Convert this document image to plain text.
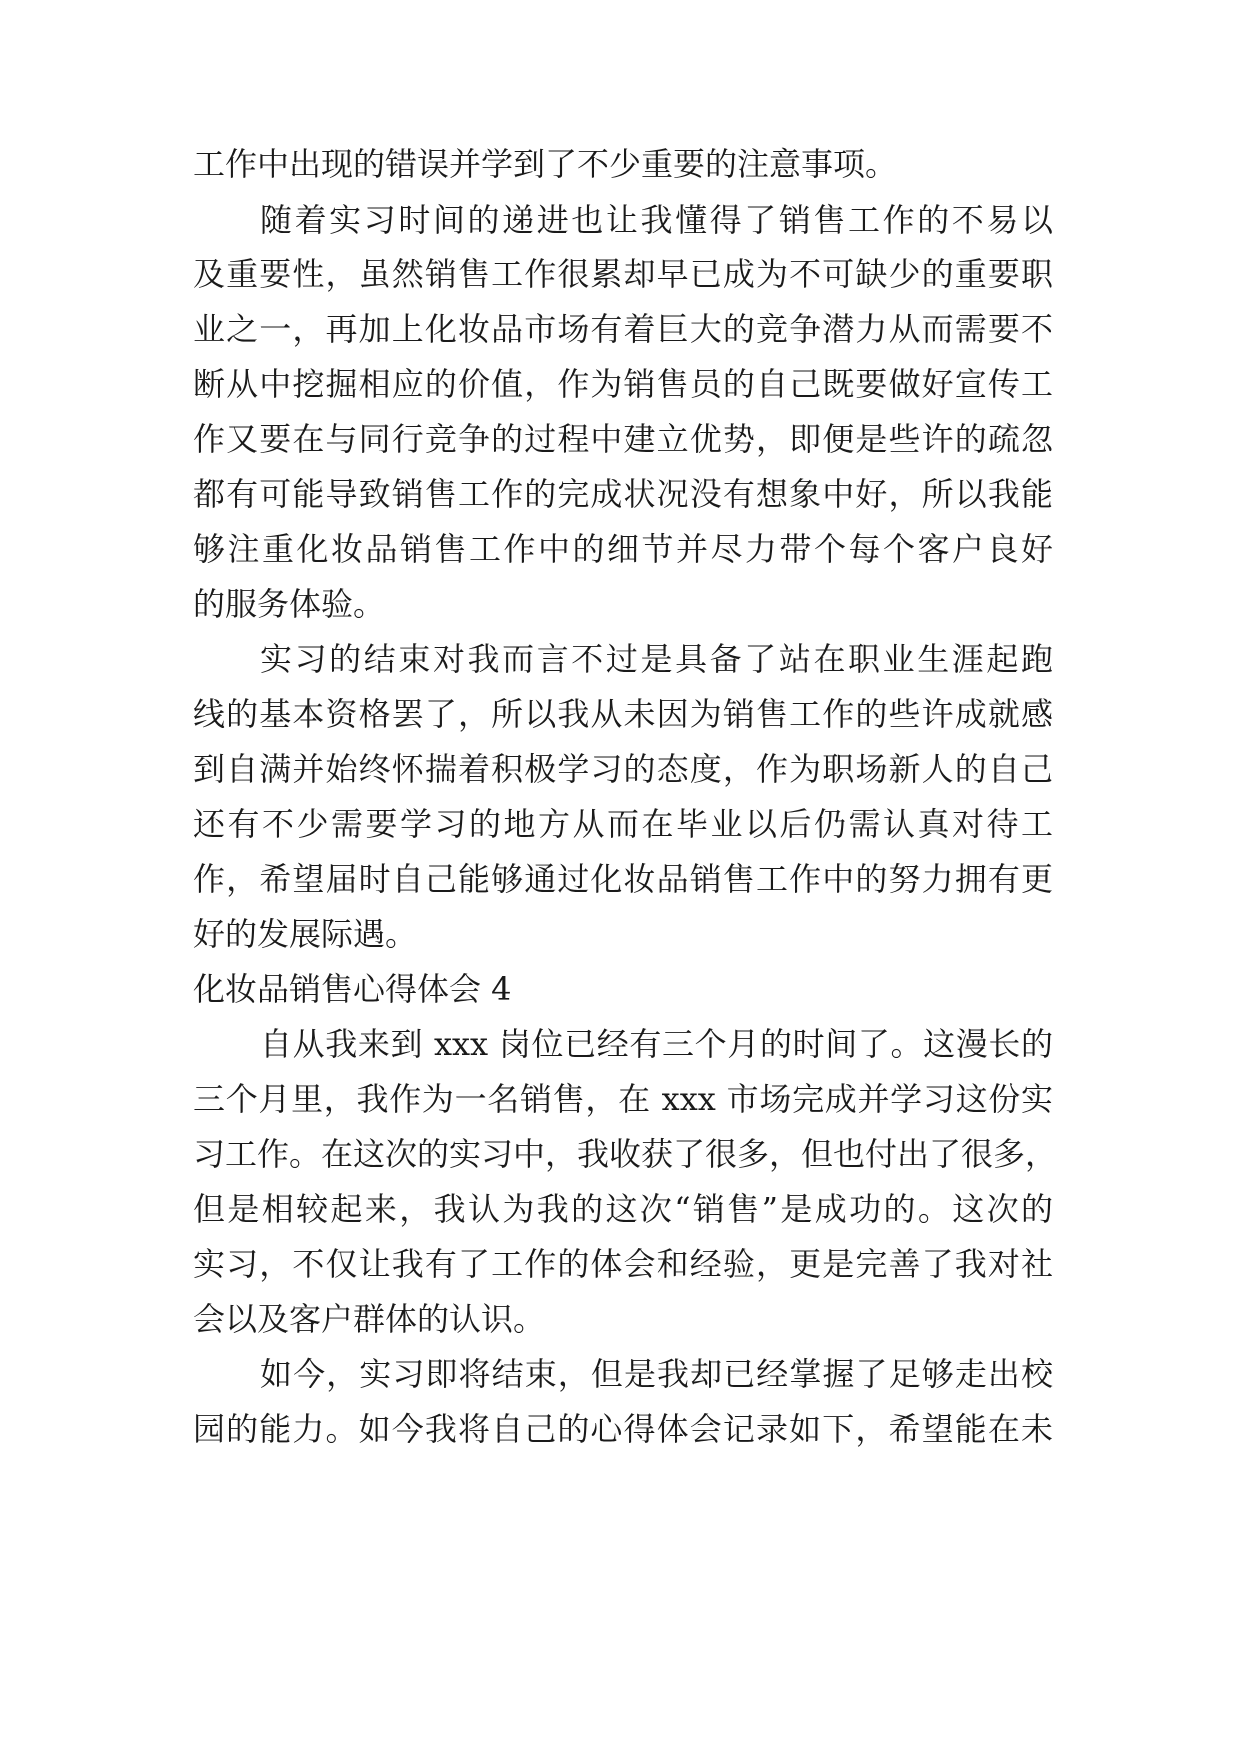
工作中出现的错误并学到了不少重要的注意事项。
随着实习时间的递进也让我懂得了销售工作的不易以
及重要性，虽然销售工作很累却早已成为不可缺少的重要职
业之一，再加上化妆品市场有着巨大的竞争潜力从而需要不
断从中挖掘相应的价值，作为销售员的自己既要做好宣传工
作又要在与同行竞争的过程中建立优势，即便是些许的疏忽
都有可能导致销售工作的完成状况没有想象中好，所以我能
够注重化妆品销售工作中的细节并尽力带个每个客户良好
的服务体验。
实习的结束对我而言不过是具备了站在职业生涯起跑
线的基本资格罢了，所以我从未因为销售工作的些许成就感
到自满并始终怀揣着积极学习的态度，作为职场新人的自己
还有不少需要学习的地方从而在毕业以后仍需认真对待工
作，希望届时自己能够通过化妆品销售工作中的努力拥有更
好的发展际遇。
化妆品销售心得体会 4
自从我来到 xxx 岗位已经有三个月的时间了。这漫长的
三个月里，我作为一名销售，在 xxx 市场完成并学习这份实
习工作。在这次的实习中，我收获了很多，但也付出了很多，
但是相较起来，我认为我的这次“销售”是成功的。这次的
实习，不仅让我有了工作的体会和经验，更是完善了我对社
会以及客户群体的认识。
如今，实习即将结束，但是我却已经掌握了足够走出校
园的能力。如今我将自己的心得体会记录如下，希望能在未
